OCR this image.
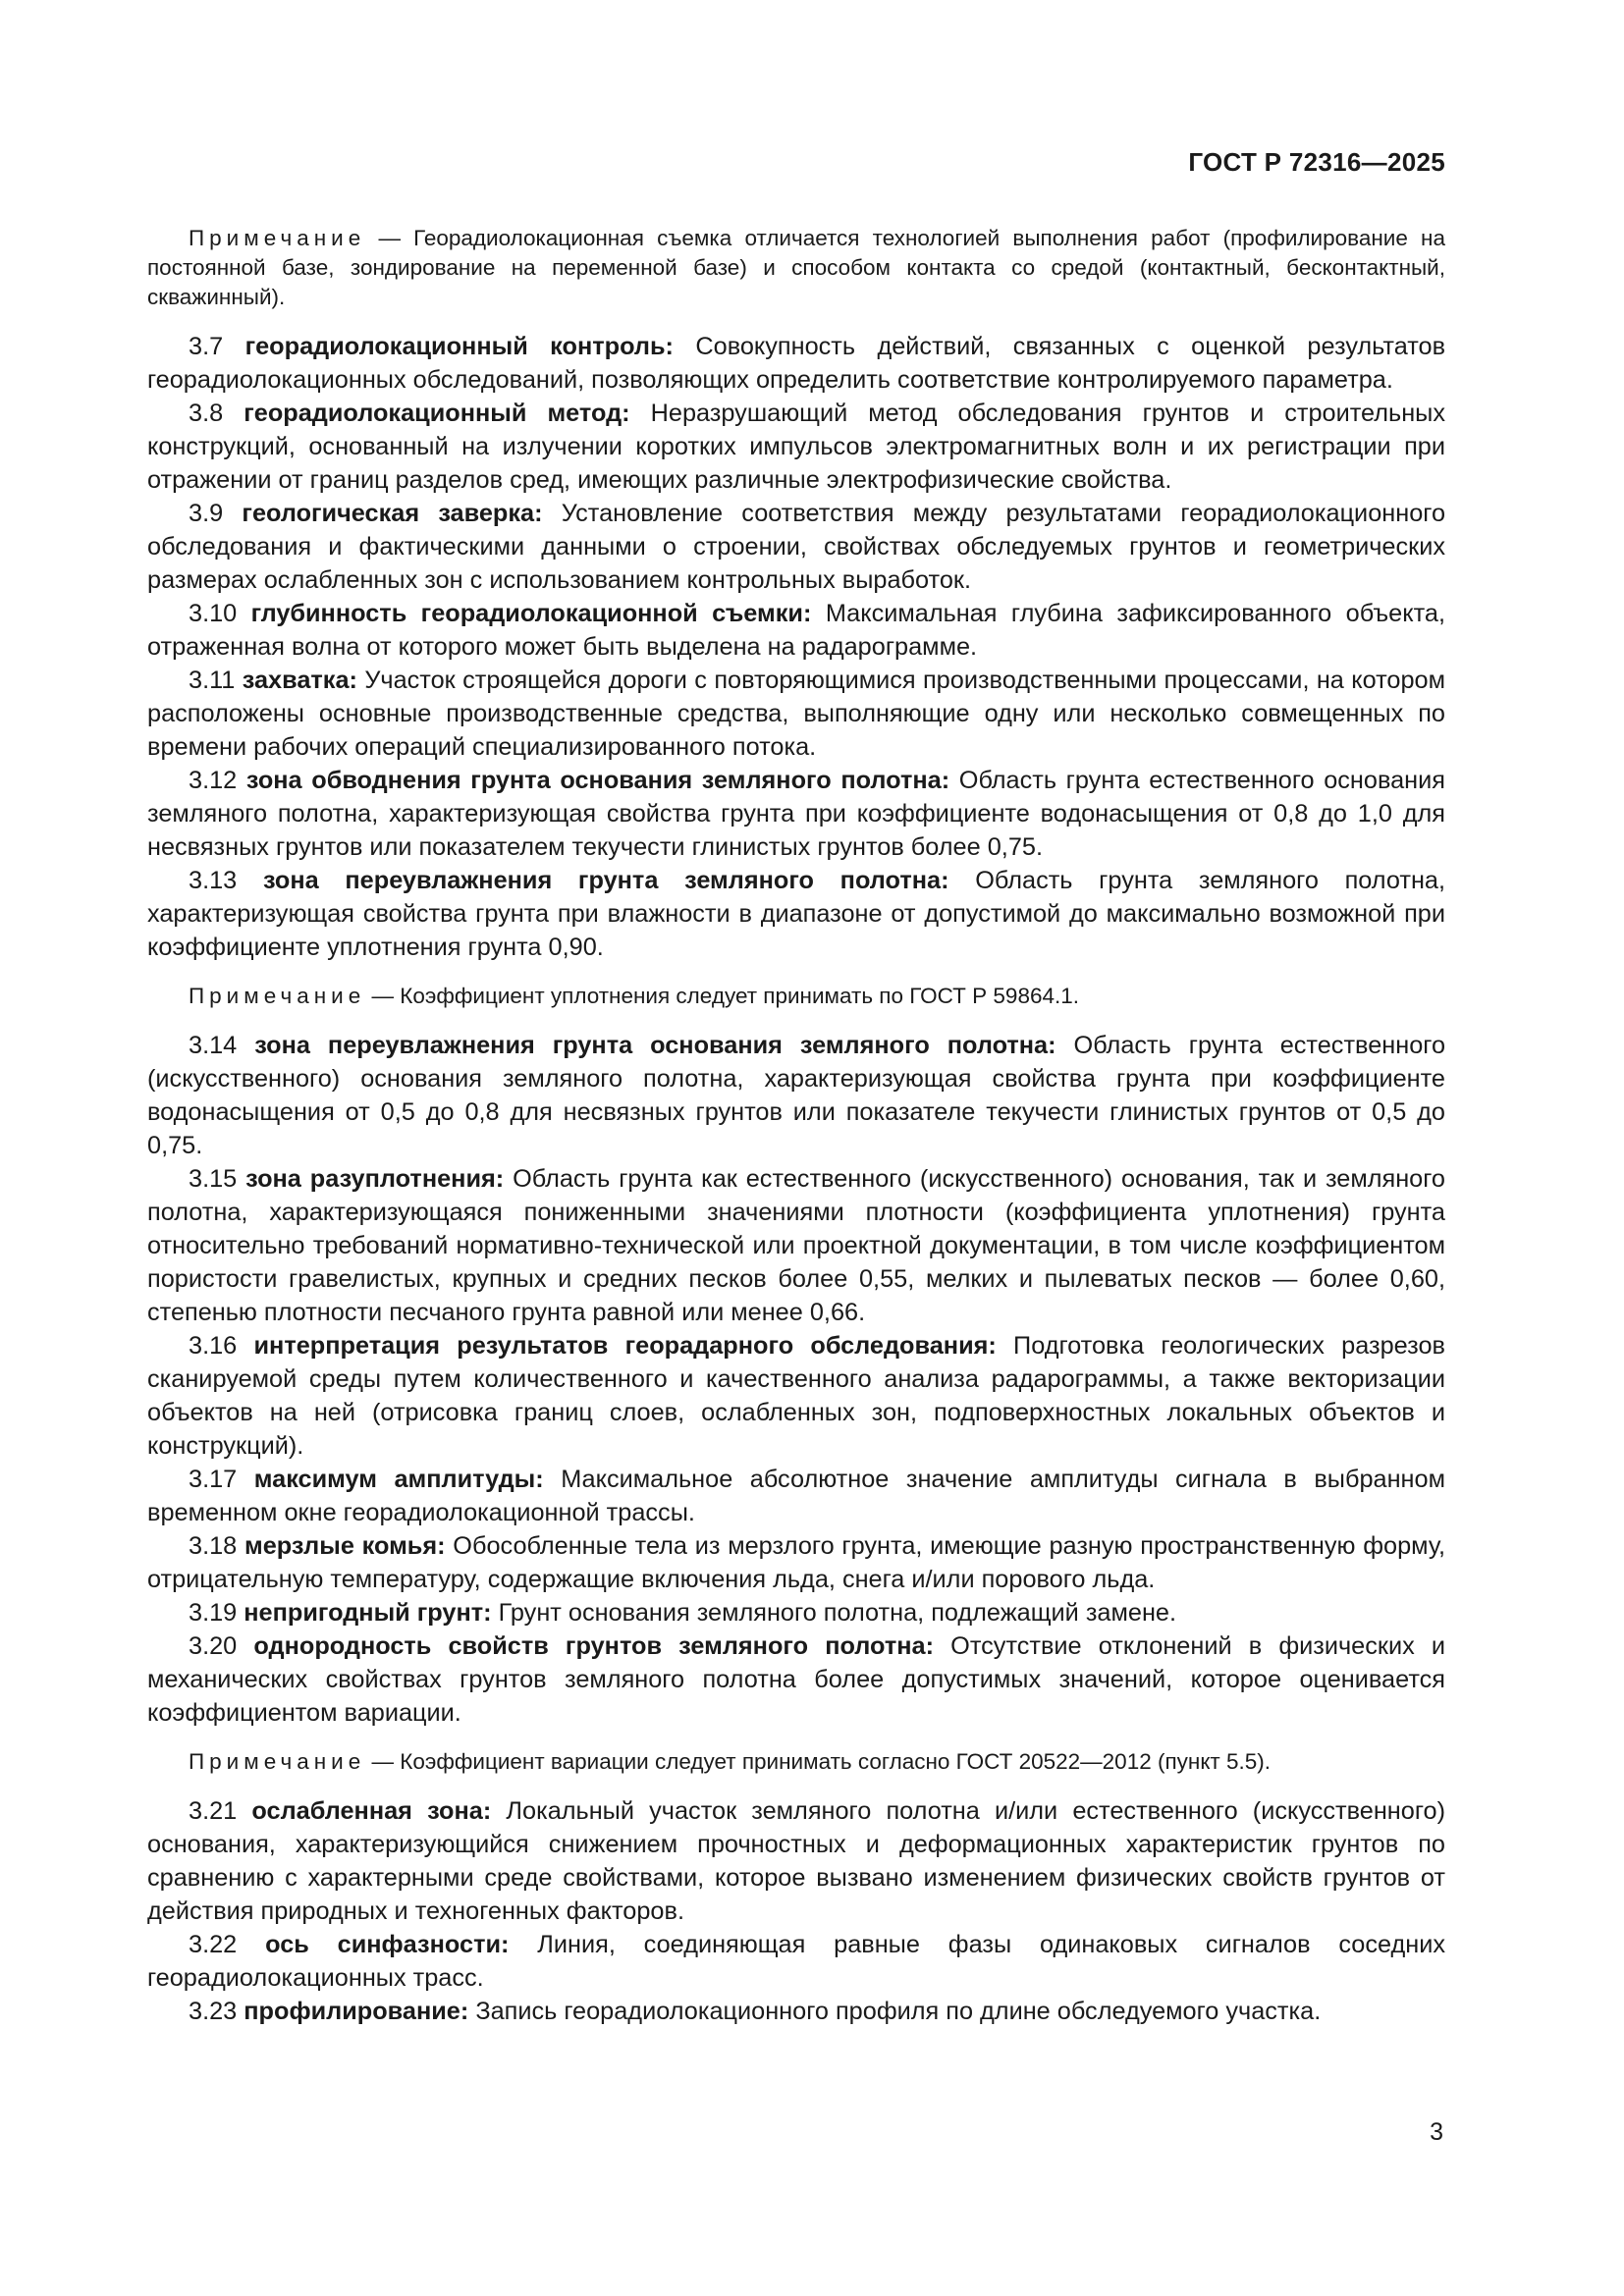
ГОСТ Р 72316—2025

Примечание — Георадиолокационная съемка отличается технологией выполнения работ (профилирование на постоянной базе, зондирование на переменной базе) и способом контакта со средой (контактный, бесконтактный, скважинный).

3.7 георадиолокационный контроль: Совокупность действий, связанных с оценкой результатов георадиолокационных обследований, позволяющих определить соответствие контролируемого параметра.

3.8 георадиолокационный метод: Неразрушающий метод обследования грунтов и строительных конструкций, основанный на излучении коротких импульсов электромагнитных волн и их регистрации при отражении от границ разделов сред, имеющих различные электрофизические свойства.

3.9 геологическая заверка: Установление соответствия между результатами георадиолокационного обследования и фактическими данными о строении, свойствах обследуемых грунтов и геометрических размерах ослабленных зон с использованием контрольных выработок.

3.10 глубинность георадиолокационной съемки: Максимальная глубина зафиксированного объекта, отраженная волна от которого может быть выделена на радарограмме.

3.11 захватка: Участок строящейся дороги с повторяющимися производственными процессами, на котором расположены основные производственные средства, выполняющие одну или несколько совмещенных по времени рабочих операций специализированного потока.

3.12 зона обводнения грунта основания земляного полотна: Область грунта естественного основания земляного полотна, характеризующая свойства грунта при коэффициенте водонасыщения от 0,8 до 1,0 для несвязных грунтов или показателем текучести глинистых грунтов более 0,75.

3.13 зона переувлажнения грунта земляного полотна: Область грунта земляного полотна, характеризующая свойства грунта при влажности в диапазоне от допустимой до максимально возможной при коэффициенте уплотнения грунта 0,90.

Примечание — Коэффициент уплотнения следует принимать по ГОСТ Р 59864.1.

3.14 зона переувлажнения грунта основания земляного полотна: Область грунта естественного (искусственного) основания земляного полотна, характеризующая свойства грунта при коэффициенте водонасыщения от 0,5 до 0,8 для несвязных грунтов или показателе текучести глинистых грунтов от 0,5 до 0,75.

3.15 зона разуплотнения: Область грунта как естественного (искусственного) основания, так и земляного полотна, характеризующаяся пониженными значениями плотности (коэффициента уплотнения) грунта относительно требований нормативно-технической или проектной документации, в том числе коэффициентом пористости гравелистых, крупных и средних песков более 0,55, мелких и пылеватых песков — более 0,60, степенью плотности песчаного грунта равной или менее 0,66.

3.16 интерпретация результатов георадарного обследования: Подготовка геологических разрезов сканируемой среды путем количественного и качественного анализа радарограммы, а также векторизации объектов на ней (отрисовка границ слоев, ослабленных зон, подповерхностных локальных объектов и конструкций).

3.17 максимум амплитуды: Максимальное абсолютное значение амплитуды сигнала в выбранном временном окне георадиолокационной трассы.

3.18 мерзлые комья: Обособленные тела из мерзлого грунта, имеющие разную пространственную форму, отрицательную температуру, содержащие включения льда, снега и/или порового льда.

3.19 непригодный грунт: Грунт основания земляного полотна, подлежащий замене.

3.20 однородность свойств грунтов земляного полотна: Отсутствие отклонений в физических и механических свойствах грунтов земляного полотна более допустимых значений, которое оценивается коэффициентом вариации.

Примечание — Коэффициент вариации следует принимать согласно ГОСТ 20522—2012 (пункт 5.5).

3.21 ослабленная зона: Локальный участок земляного полотна и/или естественного (искусственного) основания, характеризующийся снижением прочностных и деформационных характеристик грунтов по сравнению с характерными среде свойствами, которое вызвано изменением физических свойств грунтов от действия природных и техногенных факторов.

3.22 ось синфазности: Линия, соединяющая равные фазы одинаковых сигналов соседних георадиолокационных трасс.

3.23 профилирование: Запись георадиолокационного профиля по длине обследуемого участка.

3
